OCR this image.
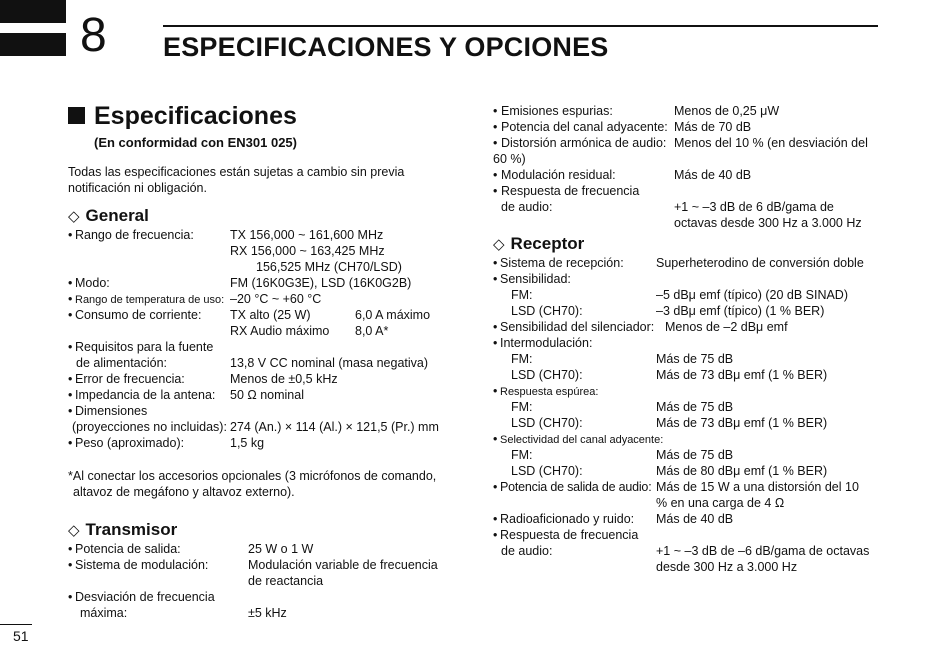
8 ESPECIFICACIONES Y OPCIONES
Especificaciones
(En conformidad con EN301 025)
Todas las especificaciones están sujetas a cambio sin previa
notificación ni obligación.
◇ General
• Rango de frecuencia:	TX 156,000 ~ 161,600 MHz
RX 156,000 ~ 163,425 MHz
156,525 MHz (CH70/LSD)
• Modo:	FM (16K0G3E), LSD (16K0G2B)
• Rango de temperatura de uso: –20 °C ~ +60 °C
• Consumo de corriente: TX alto (25 W)	6,0 A máximo
RX Audio máximo 8,0 A*
• Requisitos para la fuente
de alimentación:	13,8 V CC nominal (masa negativa)
• Error de frecuencia:	Menos de ±0,5 kHz
• Impedancia de la antena: 50 Ω nominal
• Dimensiones
(proyecciones no incluidas): 274 (An.) × 114 (Al.) × 121,5 (Pr.) mm
• Peso (aproximado):	1,5 kg
*Al conectar los accesorios opcionales (3 micrófonos de comando,
altavoz de megáfono y altavoz externo).
◇ Transmisor
• Potencia de salida:	25 W o 1 W
• Sistema de modulación:	Modulación variable de frecuencia
de reactancia
• Desviación de frecuencia
máxima:	±5 kHz
• Emisiones espurias:	Menos de 0,25 μW
• Potencia del canal adyacente: Más de 70 dB
• Distorsión armónica de audio: Menos del 10 % (en desviación del
60 %)
• Modulación residual:	Más de 40 dB
• Respuesta de frecuencia
de audio:	+1 ~ –3 dB de 6 dB/gama de
octavas desde 300 Hz a 3.000 Hz
◇ Receptor
• Sistema de recepción:	Superheterodino de conversión doble
• Sensibilidad:
FM:	–5 dBμ emf (típico) (20 dB SINAD)
LSD (CH70):	–3 dBμ emf (típico) (1 % BER)
• Sensibilidad del silenciador: Menos de –2 dBμ emf
• Intermodulación:
FM:	Más de 75 dB
LSD (CH70):	Más de 73 dBμ emf (1 % BER)
• Respuesta espúrea:
FM:	Más de 75 dB
LSD (CH70):	Más de 73 dBμ emf (1 % BER)
• Selectividad del canal adyacente:
FM:	Más de 75 dB
LSD (CH70):	Más de 80 dBμ emf (1 % BER)
• Potencia de salida de audio: Más de 15 W a una distorsión del 10
% en una carga de 4 Ω
• Radioaficionado y ruido: Más de 40 dB
• Respuesta de frecuencia
de audio:	+1 ~ –3 dB de –6 dB/gama de octavas
desde 300 Hz a 3.000 Hz
51
